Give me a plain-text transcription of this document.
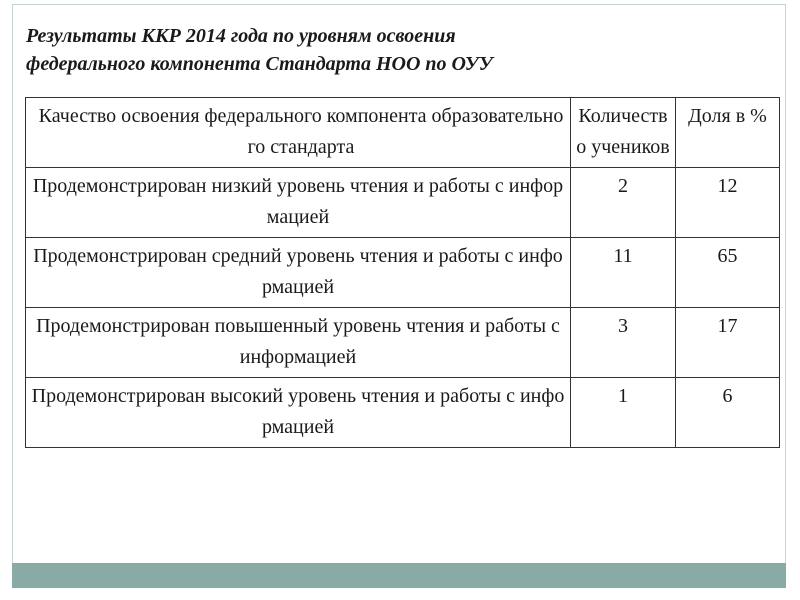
Результаты ККР 2014 года по уровням освоения
федерального компонента Стандарта НОО по ОУУ
Качество освоения федерального компонента образовательного стандарта	Количество учеников	Доля в %

Продемонстрирован низкий уровень чтения и работы с информацией	2	12
Продемонстрирован средний уровень чтения и работы с информацией	11	65
Продемонстрирован повышенный уровень чтения и работы с информацией	3	17
Продемонстрирован высокий уровень чтения и работы с информацией	1	6
